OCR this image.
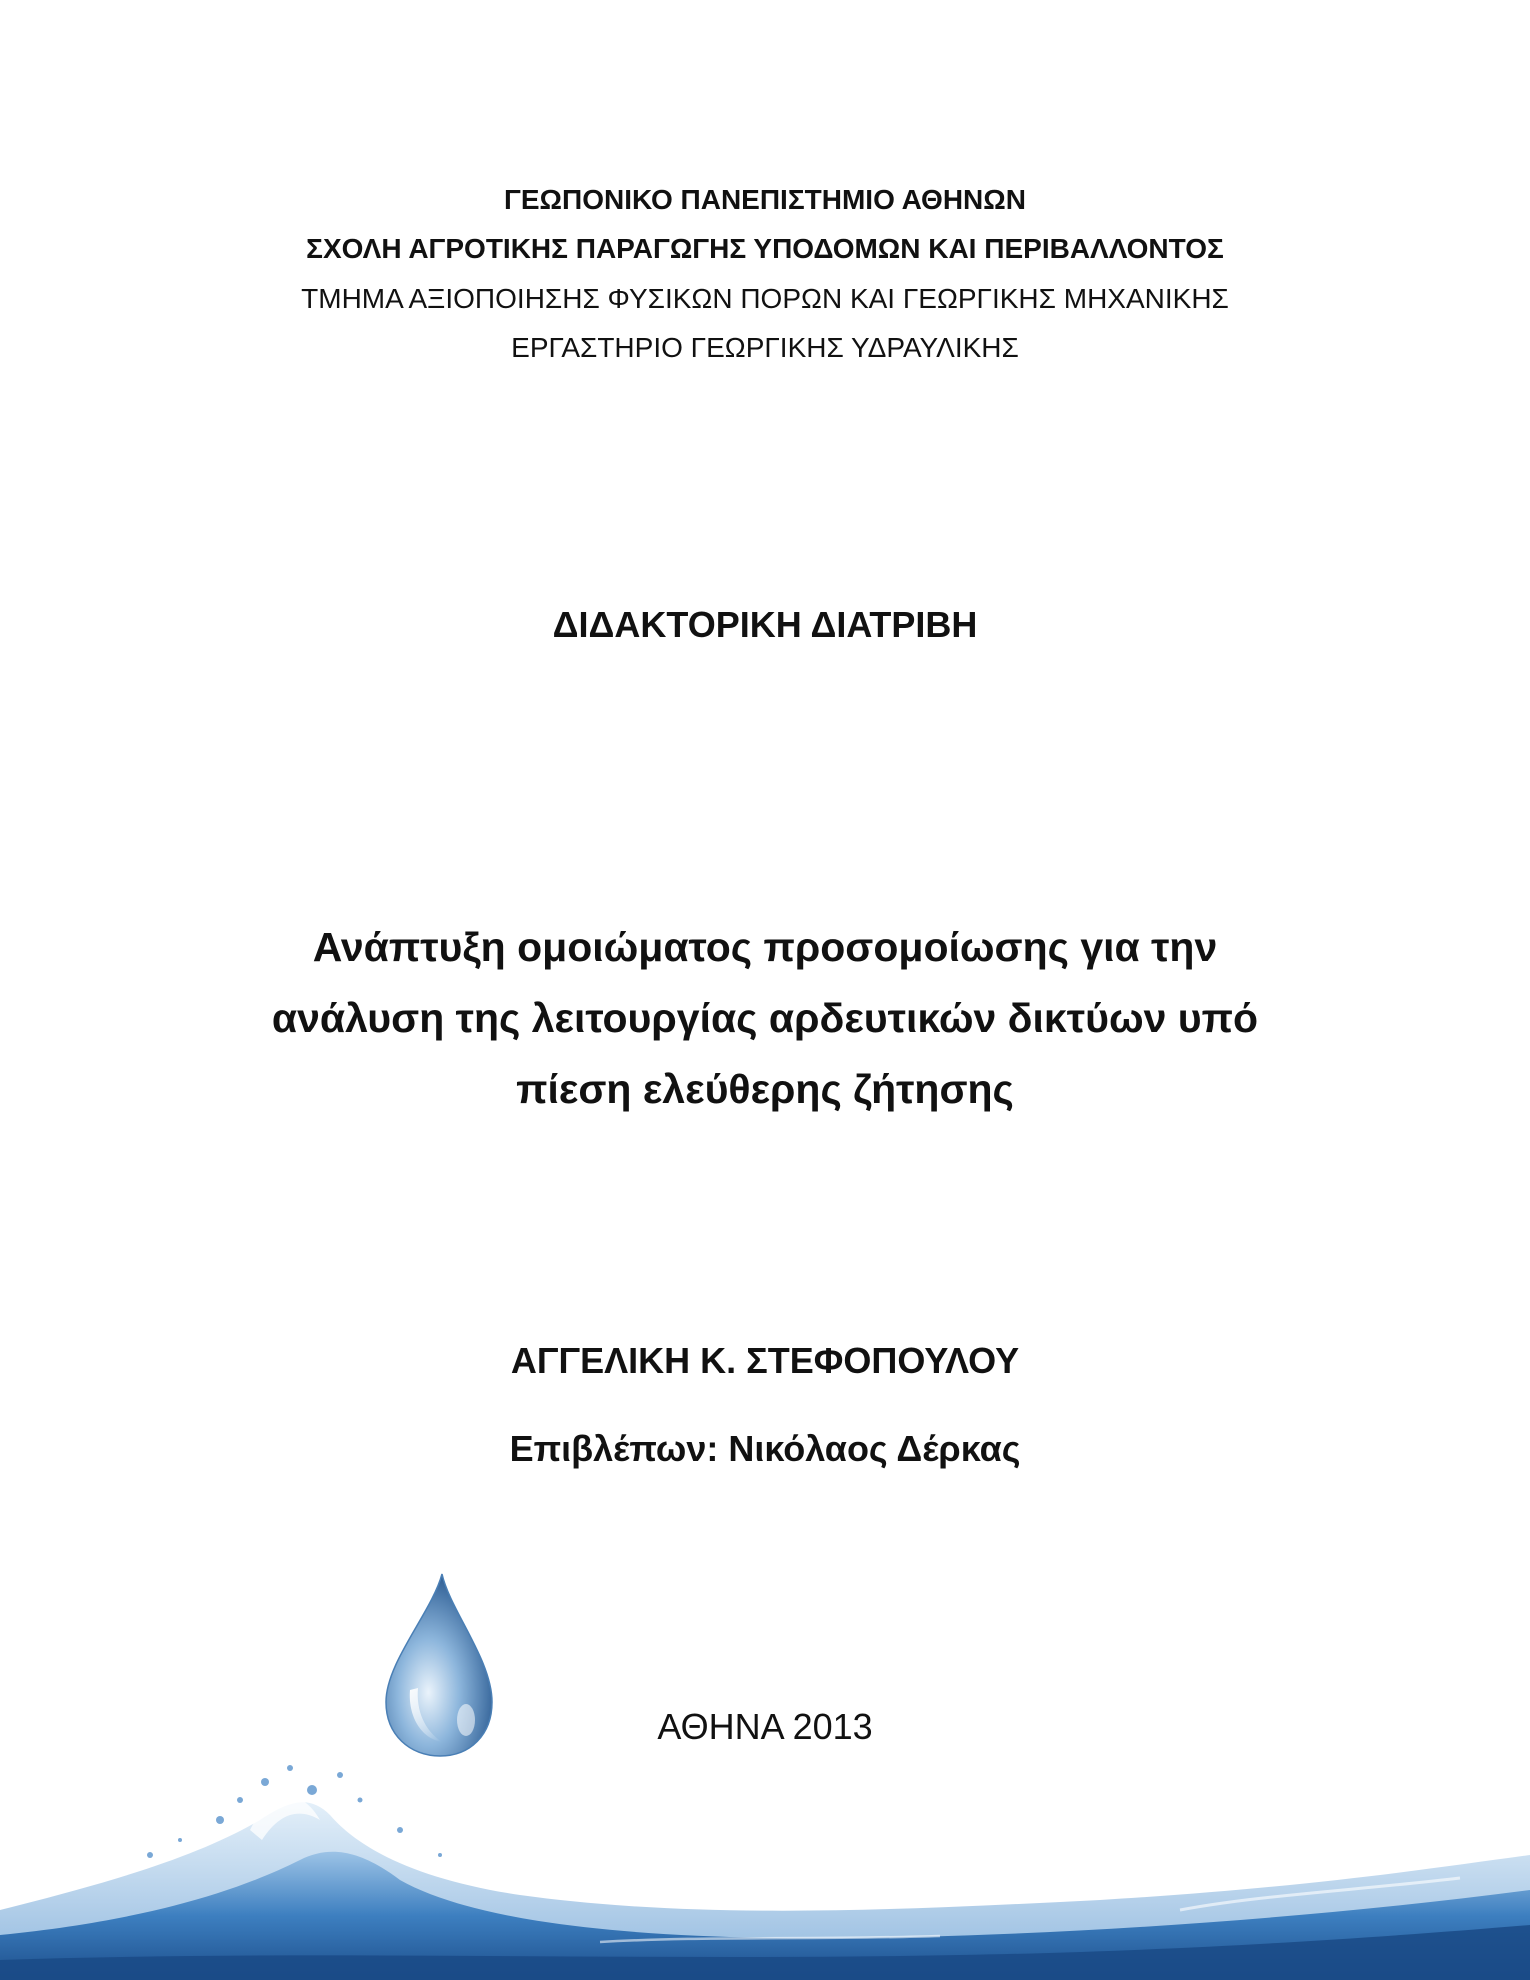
ΓΕΩΠΟΝΙΚΟ ΠΑΝΕΠΙΣΤΗΜΙΟ ΑΘΗΝΩΝ
ΣΧΟΛΗ ΑΓΡΟΤΙΚΗΣ ΠΑΡΑΓΩΓΗΣ ΥΠΟΔΟΜΩΝ ΚΑΙ ΠΕΡΙΒΑΛΛΟΝΤΟΣ
ΤΜΗΜΑ ΑΞΙΟΠΟΙΗΣΗΣ ΦΥΣΙΚΩΝ ΠΟΡΩΝ ΚΑΙ ΓΕΩΡΓΙΚΗΣ ΜΗΧΑΝΙΚΗΣ
ΕΡΓΑΣΤΗΡΙΟ ΓΕΩΡΓΙΚΗΣ ΥΔΡΑΥΛΙΚΗΣ
ΔΙΔΑΚΤΟΡΙΚΗ ΔΙΑΤΡΙΒΗ
Ανάπτυξη ομοιώματος προσομοίωσης για την
ανάλυση της λειτουργίας αρδευτικών δικτύων υπό
πίεση ελεύθερης ζήτησης
ΑΓΓΕΛΙΚΗ Κ. ΣΤΕΦΟΠΟΥΛΟΥ
Επιβλέπων: Νικόλαος Δέρκας
ΑΘΗΝΑ 2013
